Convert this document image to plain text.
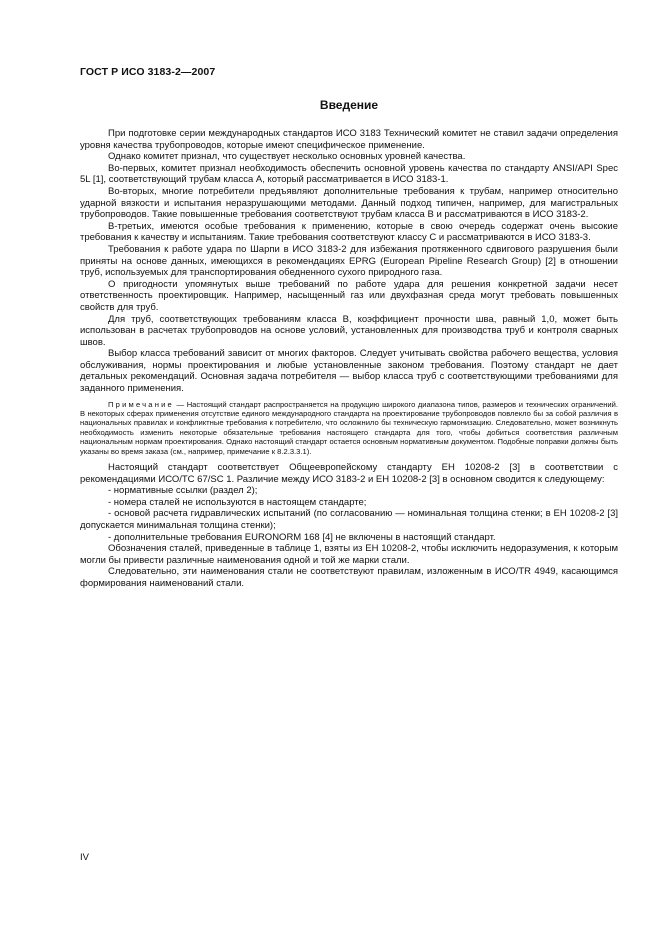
ГОСТ Р ИСО 3183-2—2007
Введение

При подготовке серии международных стандартов ИСО 3183 Технический комитет не ставил задачи определения уровня качества трубопроводов, которые имеют специфическое применение.

Однако комитет признал, что существует несколько основных уровней качества.

Во-первых, комитет признал необходимость обеспечить основной уровень качества по стандарту ANSI/API Spec 5L [1], соответствующий трубам класса А, который рассматривается в ИСО 3183-1.

Во-вторых, многие потребители предъявляют дополнительные требования к трубам, например относительно ударной вязкости и испытания неразрушающими методами. Данный подход типичен, например, для магистральных трубопроводов. Такие повышенные требования соответствуют трубам класса В и рассматриваются в ИСО 3183-2.

В-третьих, имеются особые требования к применению, которые в свою очередь содержат очень высокие требования к качеству и испытаниям. Такие требования соответствуют классу С и рассматриваются в ИСО 3183-3.

Требования к работе удара по Шарпи в ИСО 3183-2 для избежания протяженного сдвигового разрушения были приняты на основе данных, имеющихся в рекомендациях EPRG (European Pipeline Research Group) [2] в отношении труб, используемых для транспортирования обедненного сухого природного газа.

О пригодности упомянутых выше требований по работе удара для решения конкретной задачи несет ответственность проектировщик. Например, насыщенный газ или двухфазная среда могут требовать повышенных свойств для труб.

Для труб, соответствующих требованиям класса В, коэффициент прочности шва, равный 1,0, может быть использован в расчетах трубопроводов на основе условий, установленных для производства труб и контроля сварных швов.

Выбор класса требований зависит от многих факторов. Следует учитывать свойства рабочего вещества, условия обслуживания, нормы проектирования и любые установленные законом требования. Поэтому стандарт не дает детальных рекомендаций. Основная задача потребителя — выбор класса труб с соответствующими требованиями для заданного применения.

Примечание — Настоящий стандарт распространяется на продукцию широкого диапазона типов, размеров и технических ограничений. В некоторых сферах применения отсутствие единого международного стандарта на проектирование трубопроводов повлекло бы за собой различия в национальных правилах и конфликтные требования к потребителю, что осложнило бы техническую гармонизацию. Следовательно, может возникнуть необходимость изменить некоторые обязательные требования настоящего стандарта для того, чтобы добиться соответствия различным национальным нормам проектирования. Однако настоящий стандарт остается основным нормативным документом. Подобные поправки должны быть указаны во время заказа (см., например, примечание к 8.2.3.3.1).

Настоящий стандарт соответствует Общеевропейскому стандарту ЕН 10208-2 [3] в соответствии с рекомендациями ИСО/ТС 67/SC 1. Различие между ИСО 3183-2 и ЕН 10208-2 [3] в основном сводится к следующему:

- нормативные ссылки (раздел 2);

- номера сталей не используются в настоящем стандарте;

- основой расчета гидравлических испытаний (по согласованию — номинальная толщина стенки; в ЕН 10208-2 [3] допускается минимальная толщина стенки);

- дополнительные требования EURONORM 168 [4] не включены в настоящий стандарт.

Обозначения сталей, приведенные в таблице 1, взяты из ЕН 10208-2, чтобы исключить недоразумения, к которым могли бы привести различные наименования одной и той же марки стали.

Следовательно, эти наименования стали не соответствуют правилам, изложенным в ИСО/TR 4949, касающимся формирования наименований стали.

IV
